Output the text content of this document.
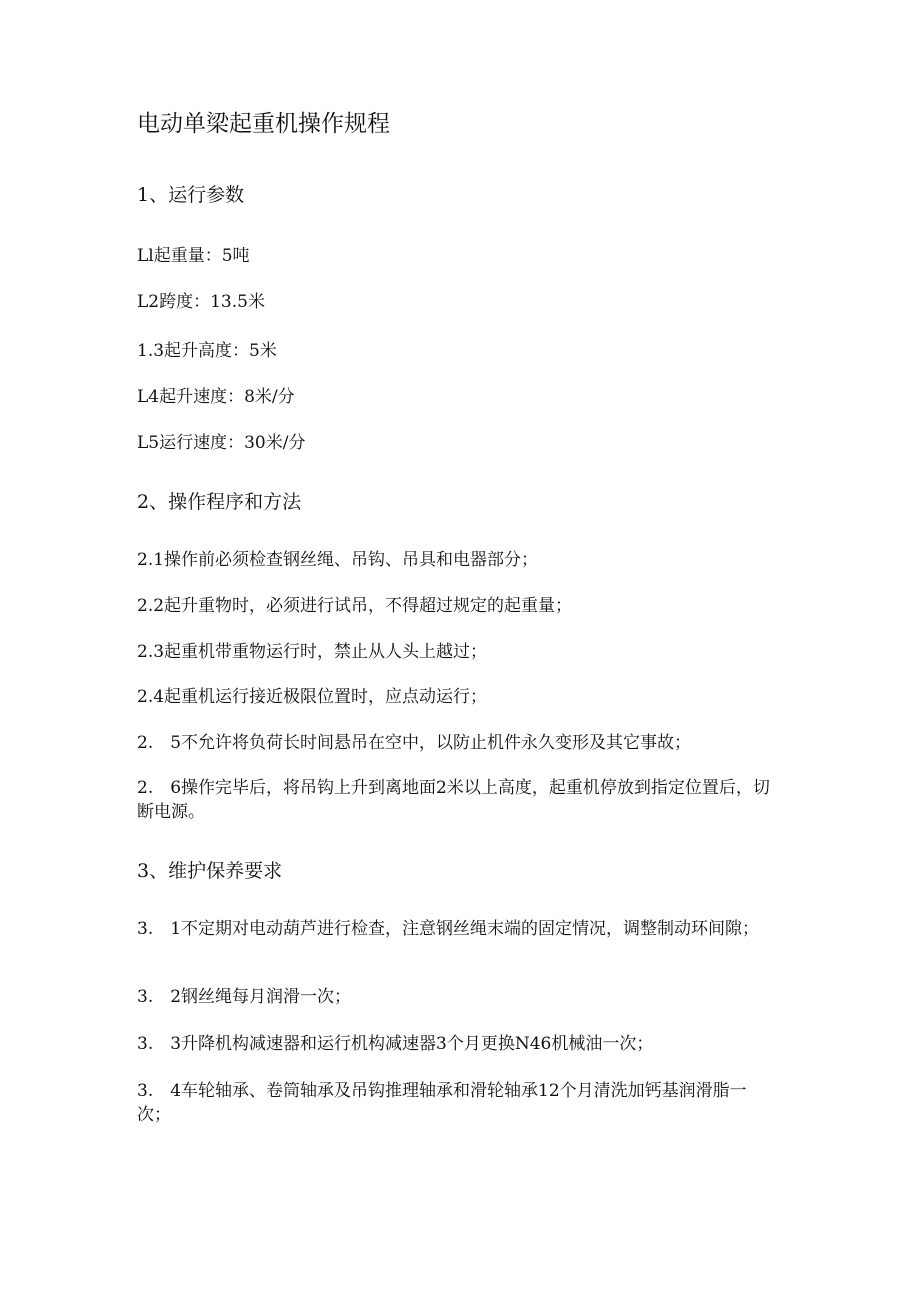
电动单梁起重机操作规程
1、运行参数
Ll起重量：5吨
L2跨度：13.5米
1.3起升高度：5米
L4起升速度：8米/分
L5运行速度：30米/分
2、操作程序和方法
2.1操作前必须检查钢丝绳、吊钩、吊具和电器部分；
2.2起升重物时，必须进行试吊，不得超过规定的起重量；
2.3起重机带重物运行时，禁止从人头上越过；
2.4起重机运行接近极限位置时，应点动运行；
2.　5不允许将负荷长时间悬吊在空中，以防止机件永久变形及其它事故；
2.　6操作完毕后，将吊钩上升到离地面2米以上高度，起重机停放到指定位置后，切断电源。
3、维护保养要求
3.　1不定期对电动葫芦进行检查，注意钢丝绳末端的固定情况，调整制动环间隙；
3.　2钢丝绳每月润滑一次；
3.　3升降机构减速器和运行机构减速器3个月更换N46机械油一次；
3.　4车轮轴承、卷筒轴承及吊钩推理轴承和滑轮轴承12个月清洗加钙基润滑脂一次；
